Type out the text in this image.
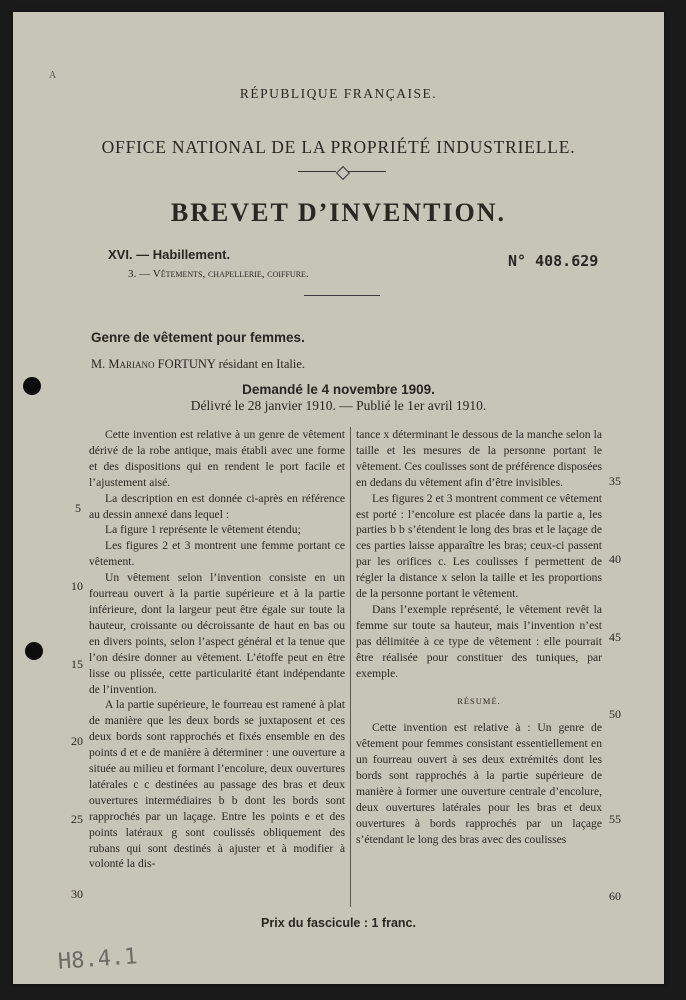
A
RÉPUBLIQUE FRANÇAISE.
OFFICE NATIONAL DE LA PROPRIÉTÉ INDUSTRIELLE.
BREVET D’INVENTION.
XVI. — Habillement.
3. — Vêtements, chapellerie, coiffure.
N° 408.629
Genre de vêtement pour femmes.
M. Mariano FORTUNY résidant en Italie.
Demandé le 4 novembre 1909.
Délivré le 28 janvier 1910. — Publié le 1er avril 1910.

Cette invention est relative à un genre de vêtement dérivé de la robe antique, mais établi avec une forme et des dispositions qui en rendent le port facile et l’ajustement aisé.

La description en est donnée ci-après en référence au dessin annexé dans lequel :

La figure 1 représente le vêtement étendu;

Les figures 2 et 3 montrent une femme portant ce vêtement.

Un vêtement selon l’invention consiste en un fourreau ouvert à la partie supérieure et à la partie inférieure, dont la largeur peut être égale sur toute la hauteur, croissante ou décroissante de haut en bas ou en divers points, selon l’aspect général et la tenue que l’on désire donner au vêtement. L’étoffe peut en être lisse ou plissée, cette particularité étant indépendante de l’invention.

A la partie supérieure, le fourreau est ramené à plat de manière que les deux bords se juxtaposent et ces deux bords sont rapprochés et fixés ensemble en des points d et e de manière à déterminer : une ouverture a située au milieu et formant l’encolure, deux ouvertures latérales c c destinées au passage des bras et deux ouvertures intermédiaires b b dont les bords sont rapprochés par un laçage. Entre les points e et des points latéraux g sont coulissés obliquement des rubans qui sont destinés à ajuster et à modifier à volonté la dis-

tance x déterminant le dessous de la manche selon la taille et les mesures de la personne portant le vêtement. Ces coulisses sont de préférence disposées en dedans du vêtement afin d’être invisibles.

Les figures 2 et 3 montrent comment ce vêtement est porté : l’encolure est placée dans la partie a, les parties b b s’étendent le long des bras et le laçage de ces parties laisse apparaître les bras; ceux-ci passent par les orifices c. Les coulisses f permettent de régler la distance x selon la taille et les proportions de la personne portant le vêtement.

Dans l’exemple représenté, le vêtement revêt la femme sur toute sa hauteur, mais l’invention n’est pas délimitée à ce type de vêtement : elle pourrait être réalisée pour constituer des tuniques, par exemple.

RÉSUMÉ.

Cette invention est relative à : Un genre de vêtement pour femmes consistant essentiellement en un fourreau ouvert à ses deux extrémités dont les bords sont rapprochés à la partie supérieure de manière à former une ouverture centrale d’encolure, deux ouvertures latérales pour les bras et deux ouvertures à bords rapprochés par un laçage s’étendant le long des bras avec des coulisses

5
10
15
20
25
30
35
40
45
50
55
60
Prix du fascicule : 1 franc.
H8.4.1
